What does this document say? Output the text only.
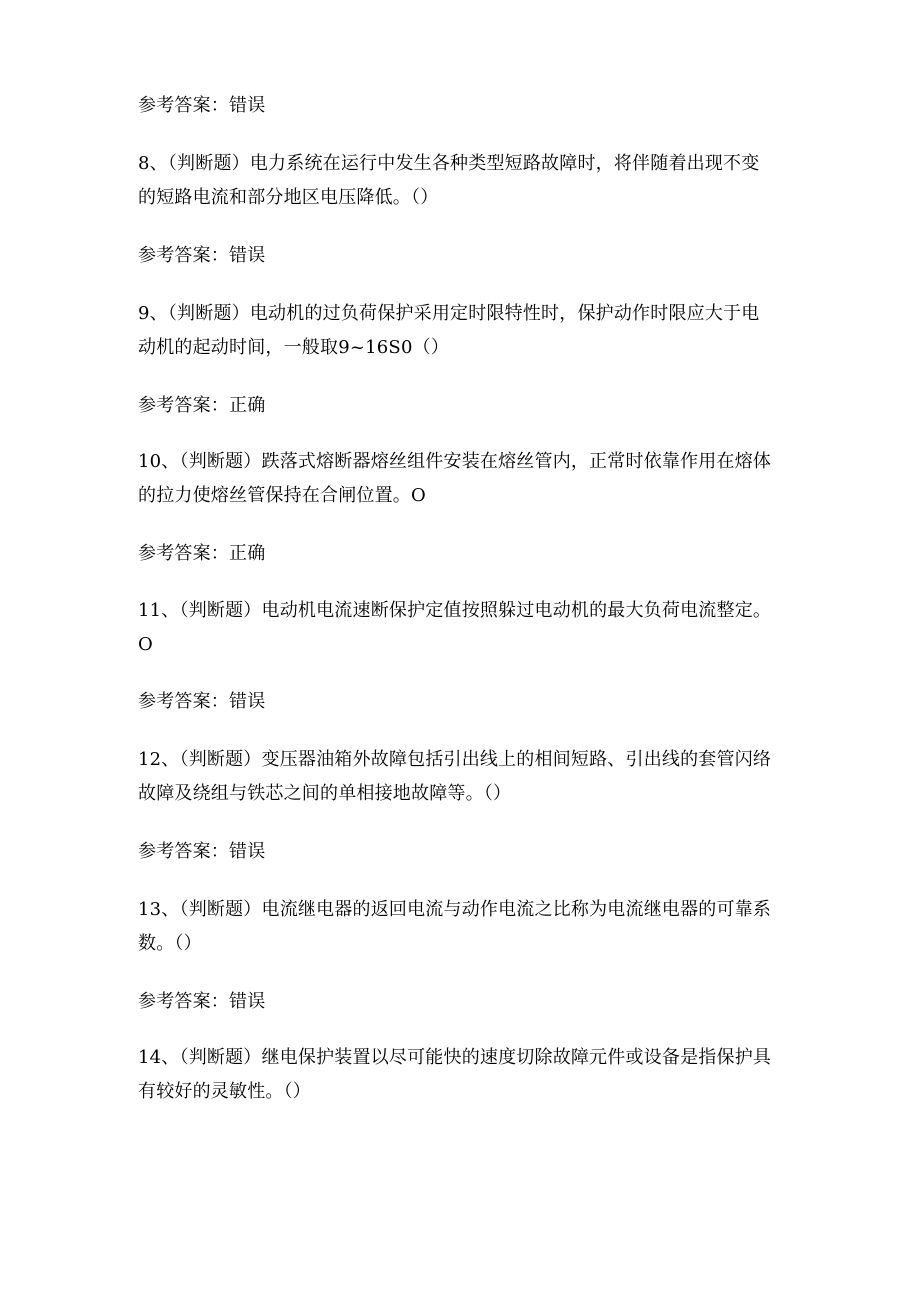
参考答案：错误
8、（判断题）电力系统在运行中发生各种类型短路故障时，将伴随着出现不变
的短路电流和部分地区电压降低。（）
参考答案：错误
9、（判断题）电动机的过负荷保护采用定时限特性时，保护动作时限应大于电
动机的起动时间，一般取9~16S0（）
参考答案：正确
10、（判断题）跌落式熔断器熔丝组件安装在熔丝管内，正常时依靠作用在熔体
的拉力使熔丝管保持在合闸位置。O
参考答案：正确
11、（判断题）电动机电流速断保护定值按照躲过电动机的最大负荷电流整定。
O
参考答案：错误
12、（判断题）变压器油箱外故障包括引出线上的相间短路、引出线的套管闪络
故障及绕组与铁芯之间的单相接地故障等。（）
参考答案：错误
13、（判断题）电流继电器的返回电流与动作电流之比称为电流继电器的可靠系
数。（）
参考答案：错误
14、（判断题）继电保护装置以尽可能快的速度切除故障元件或设备是指保护具
有较好的灵敏性。（）
